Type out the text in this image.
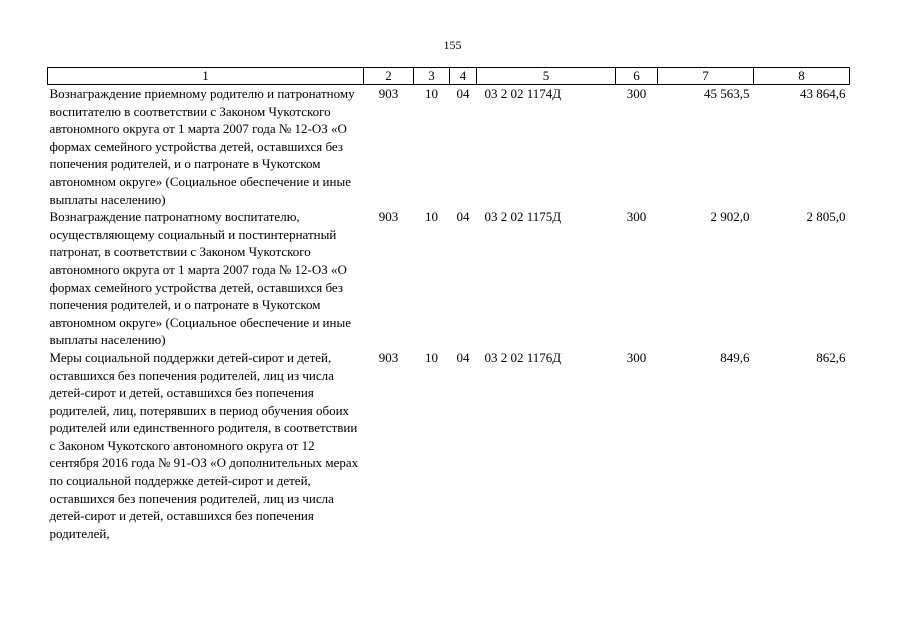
155
1	2	3	4	5	6	7	8
Вознаграждение приемному родителю и патронатному воспитателю в соответствии с Законом Чукотского автономного округа от 1 марта 2007 года № 12-ОЗ «О формах семейного устройства детей, оставшихся без попечения родителей, и о патронате в Чукотском автономном округе» (Социальное обеспечение и иные выплаты населению)	903	10	04	03 2 02 1174Д	300	45 563,5	43 864,6
Вознаграждение патронатному воспитателю, осуществляющему социальный и постинтернатный патронат, в соответствии с Законом Чукотского автономного округа от 1 марта 2007 года № 12-ОЗ «О формах семейного устройства детей, оставшихся без попечения родителей, и о патронате в Чукотском автономном округе» (Социальное обеспечение и иные выплаты населению)	903	10	04	03 2 02 1175Д	300	2 902,0	2 805,0
Меры социальной поддержки детей-сирот и детей, оставшихся без попечения родителей, лиц из числа детей-сирот и детей, оставшихся без попечения родителей, лиц, потерявших в период обучения обоих родителей или единственного родителя, в соответствии с Законом Чукотского автономного округа от 12 сентября 2016 года № 91-ОЗ «О дополнительных мерах по социальной поддержке детей-сирот и детей, оставшихся без попечения родителей, лиц из числа детей-сирот и детей, оставшихся без попечения родителей,	903	10	04	03 2 02 1176Д	300	849,6	862,6
